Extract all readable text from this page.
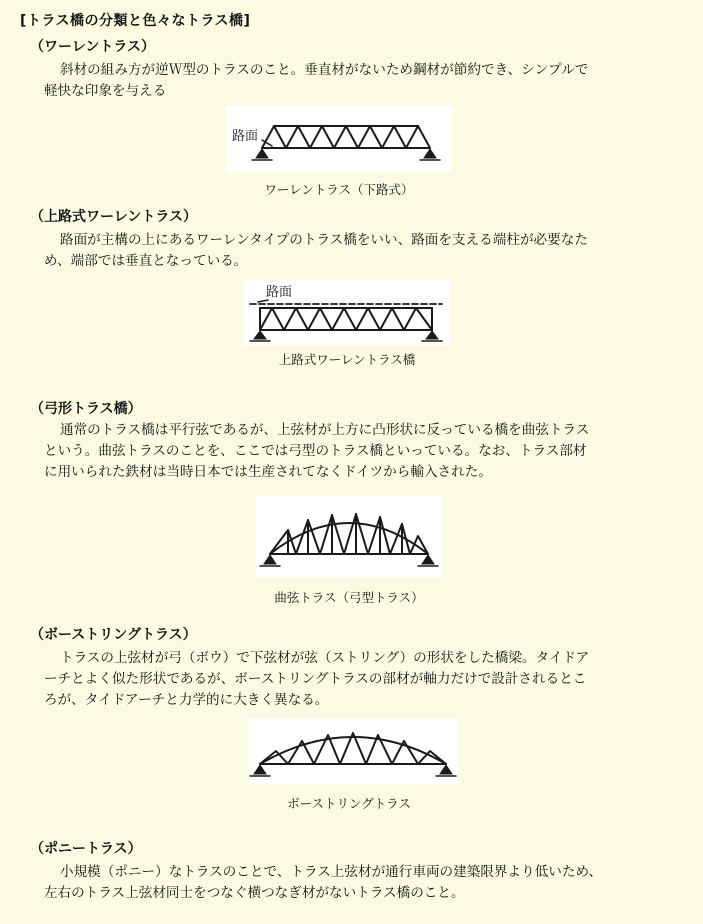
[トラス橋の分類と色々なトラス橋]
（ワーレントラス）
斜材の組み方が逆Ｗ型のトラスのこと。垂直材がないため鋼材が節約でき、シンプルで
軽快な印象を与える
路面
ワーレントラス（下路式）
（上路式ワーレントラス）
路面が主構の上にあるワーレンタイプのトラス橋をいい、路面を支える端柱が必要なた
め、端部では垂直となっている。
路面
上路式ワーレントラス橋
（弓形トラス橋）
通常のトラス橋は平行弦であるが、上弦材が上方に凸形状に反っている橋を曲弦トラス
という。曲弦トラスのことを、ここでは弓型のトラス橋といっている。なお、トラス部材
に用いられた鉄材は当時日本では生産されてなくドイツから輸入された。
曲弦トラス（弓型トラス）
（ボーストリングトラス）
トラスの上弦材が弓（ボウ）で下弦材が弦（ストリング）の形状をした橋梁。タイドア
ーチとよく似た形状であるが、ボーストリングトラスの部材が軸力だけで設計されるとこ
ろが、タイドアーチと力学的に大きく異なる。
ボーストリングトラス
（ポニートラス）
小規模（ポニー）なトラスのことで、トラス上弦材が通行車両の建築限界より低いため、
左右のトラス上弦材同士をつなぐ横つなぎ材がないトラス橋のこと。
